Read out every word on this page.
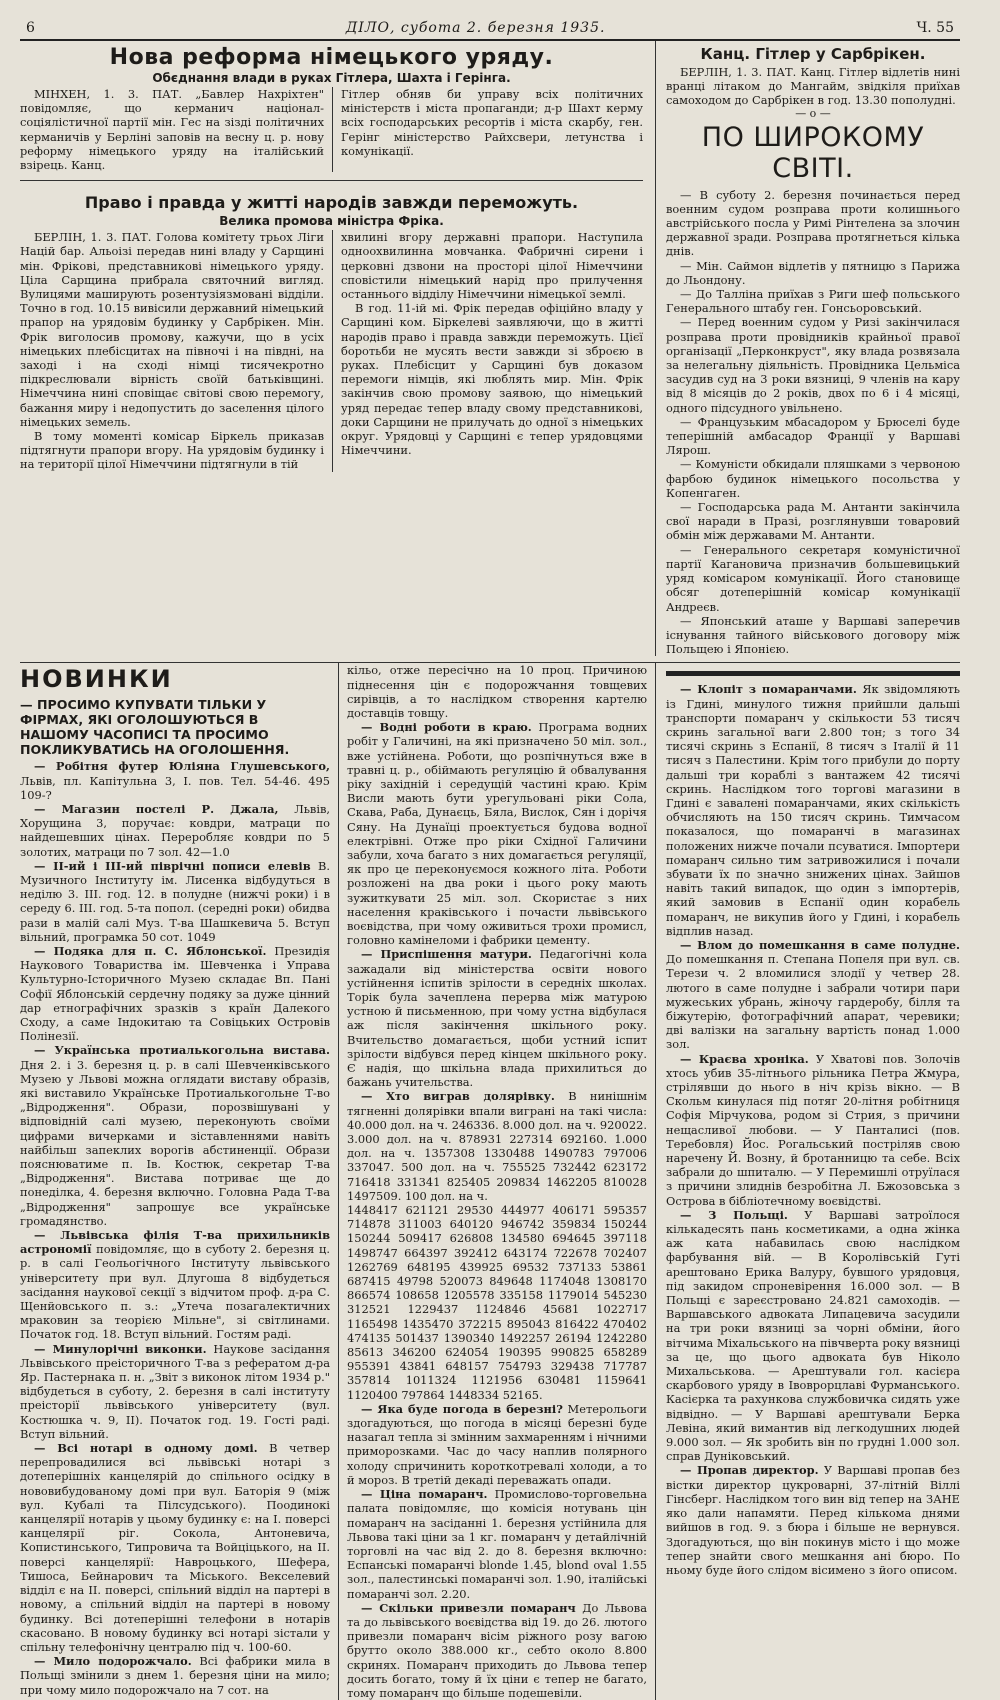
6	ДІЛО, субота 2. березня 1935.	Ч. 55
Нова реформа німецького уряду.
Обєднання влади в руках Гітлера, Шахта і Герінга.

МІНХЕН, 1. 3. ПАТ. „Бавлер Нахріхтен" повідомляє, що керманич націонал-соціялістичної партії мін. Гес на зізді політичних керманичів у Берліні заповів на весну ц. р. нову реформу німецького уряду на італійський взірець. Канц.

Гітлер обняв би управу всіх політичних міністерств і міста пропаганди; д-р Шахт керму всіх господарських ресортів і міста скарбу, ген. Герінг міністерство Райхсвери, летунства і комунікації.

Право і правда у житті народів завжди переможуть.
Велика промова міністра Фріка.

БЕРЛІН, 1. 3. ПАТ. Голова комітету трьох Ліги Націй бар. Альоізі передав нині владу у Сарщині мін. Фрікові, представникові німецького уряду. Ціла Сарщина прибрала святочний вигляд. Вулицями маширують розентузіязмовані відділи. Точно в год. 10.15 вивісили державний німецький прапор на урядовім будинку у Сарбрікен. Мін. Фрік виголосив промову, кажучи, що в усіх німецьких плебісцитах на півночі і на півдні, на заході і на сході німці тисячекротно підкреслювали вірність своїй батьківщині. Німеччина нині сповіщає світові свою перемогу, бажання миру і недопустить до заселення цілого німецьких земель.

В тому моменті комісар Біркель приказав підтягнути прапори вгору. На урядовім будинку і на території цілої Німеччини підтягнули в тій

хвилині вгору державні прапори. Наступила одноохвилинна мовчанка. Фабричні сирени і церковні дзвони на просторі цілої Німеччини сповістили німецький нарід про прилучення останнього відділу Німеччини німецької землі.

В год. 11-ій мі. Фрік передав офіційно владу у Сарщині ком. Біркелеві заявляючи, що в житті народів право і правда завжди переможуть. Цієї боротьби не мусять вести завжди зі зброєю в руках. Плебісцит у Сарщині був доказом перемоги німців, які люблять мир. Мін. Фрік закінчив свою промову заявою, що німецький уряд передає тепер владу свому представникові, доки Сарщини не прилучать до одної з німецьких округ. Урядовці у Сарщині є тепер урядовцями Німеччини.

Канц. Гітлер у Сарбрікен.

БЕРЛІН, 1. 3. ПАТ. Канц. Гітлер відлетів нині вранці літаком до Мангайм, звідкіля приїхав самоходом до Сарбрікен в год. 13.30 пополудні.

— o —

ПО ШИРОКОМУ СВІТІ.

— В суботу 2. березня починається перед военним судом розправа проти колишнього австрійського посла у Римі Рінтелена за злочин державної зради. Розправа протягнеться кілька днів.

— Мін. Саймон відлетів у пятницю з Парижа до Льондону.

— До Талліна приїхав з Риги шеф польського Генерального штабу ген. Гонсьоровський.

— Перед военним судом у Ризі закінчилася розправа проти провідників крайньої правої організації „Перконкруст", яку влада розвязала за нелегальну діяльність. Провідника Цельміса засудив суд на 3 роки вязниці, 9 членів на кару від 8 місяців до 2 років, двох по 6 і 4 місяці, одного підсудного увільнено.

— Французьким мбасадором у Брюселі буде теперішній амбасадор Франції у Варшаві Лярош.

— Комуністи обкидали пляшками з червоною фарбою будинок німецького посольства у Копенгаген.

— Господарська рада М. Антанти закінчила свої наради в Празі, розглянувши товаровий обмін між державами М. Антанти.

— Генерального секретаря комуністичної партії Кагановича призначив большевицький уряд комісаром комунікації. Його становище обсяг дотеперішній комісар комунікації Андреєв.

— Японський аташе у Варшаві заперечив існування тайного військового договору між Польщею і Японією.

НОВИНКИ
— ПРОСИМО КУПУВАТИ ТІЛЬКИ У ФІРМАХ, ЯКІ ОГОЛОШУЮТЬСЯ В НАШОМУ ЧАСОПИСІ ТА ПРОСИМО ПОКЛИКУВАТИСЬ НА ОГОЛОШЕННЯ.

— Робітня футер Юліяна Глушевського, Львів, пл. Капітульна 3, І. пов. Тел. 54-46. 495 109-?

— Магазин постелі Р. Джала, Львів, Хорущина 3, поручає: ковдри, матраци по найдешевших цінах. Переробляє ковдри по 5 золотих, матраци по 7 зол. 42—1.0

— ІІ-ий і ІІІ-ий піврічні пописи елевів В. Музичного Інституту ім. Лисенка відбудуться в неділю 3. ІІІ. год. 12. в полудне (нижчі роки) і в середу 6. ІІІ. год. 5-та попол. (середні роки) обидва рази в малій салі Муз. Т-ва Шашкевича 5. Вступ вільний, програмка 50 сот. 1049

— Подяка для п. С. Яблонської. Президія Наукового Товариства ім. Шевченка і Управа Культурно-Історичного Музею складає Вп. Пані Софії Яблонській сердечну подяку за дуже цінний дар етнографічних зразків з країн Далекого Сходу, а саме Індокитаю та Совіцьких Островів Полінезії.

— Українська протиалькогольна вистава. Дня 2. і 3. березня ц. р. в салі Шевченківського Музею у Львові можна оглядати виставу образів, які виставило Українське Протиалькогольне Т-во „Відродження". Образи, порозвішувані у відповідній салі музею, переконують своїми цифрами вичерками и зіставленнями навіть найбільш запеклих ворогів абстиненції. Образи пояснюватиме п. Ів. Костюк, секретар Т-ва „Відродження". Вистава потриває ще до понеділка, 4. березня включно. Головна Рада Т-ва „Відродження" запрошує все українське громадянство.

— Львівська філія Т-ва прихильників астрономії повідомляє, що в суботу 2. березня ц. р. в салі Геольогічного Інституту львівського університету при вул. Длугоша 8 відбудеться засідання наукової секції з відчитом проф. д-ра С. Щенйовського п. з.: „Утеча позагалектичних мраковин за теорією Мільне", зі світлинами. Початок год. 18. Вступ вільний. Гостям раді.

— Минулорічні виконки. Наукове засідання Львівського преісторичного Т-ва з рефератом д-ра Яр. Пастернака п. н. „Звіт з виконок літом 1934 р." відбудеться в суботу, 2. березня в салі інституту преісторії львівського університету (вул. Костюшка ч. 9, ІІ). Початок год. 19. Гості раді. Вступ вільний.

— Всі нотарі в одному домі. В четвер перепровадилися всі львівські нотарі з дотеперішніх канцелярій до спільного осідку в нововибудованому домі при вул. Баторія 9 (між вул. Кубалі та Пілсудського). Поодинокі канцелярії нотарів у цьому будинку є: на І. поверсі канцелярії ріг. Сокола, Антоневича, Копистинського, Типровича та Войціцького, на ІІ. поверсі канцелярії: Навроцького, Шефера, Тишоса, Бейнарович та Міського. Векселевий відділ є на ІІ. поверсі, спільний відділ на партері в новому, а спільний відділ на партері в новому будинку. Всі дотеперішні телефони в нотарів скасовано. В новому будинку всі нотарі зістали у спільну телефонічну централю під ч. 100-60.

— Мило подорожчало. Всі фабрики мила в Польщі змінили з днем 1. березня ціни на мило; при чому мило подорожчало на 7 сот. на

кільо, отже пересічно на 10 проц. Причиною піднесення цін є подорожчання товщевих сирівців, а то наслідком створення картелю доставців товщу.

— Водні роботи в краю. Програма водних робіт у Галичині, на які призначено 50 міл. зол., вже устійнена. Роботи, що розпічнуться вже в травні ц. р., обіймають регуляцію й обвалування ріку західній і середущій частині краю. Крім Висли мають бути урегульовані ріки Сола, Скава, Раба, Дунаєць, Бяла, Вислок, Сян і дорічя Сяну. На Дунаїці проектується будова водної електрівні. Отже про ріки Східної Галичини забули, хоча багато з них домагається регуляції, як про це переконуємося кожного літа. Роботи розложені на два роки і цього року мають зужиткувати 25 міл. зол. Скористає з них населення краківського і почасти львівського воєвідства, при чому оживиться трохи промисл, головно камінеломи і фабрики цементу.

— Приспішення матури. Педагогічні кола зажадали від міністерства освіти нового устійнення іспитів зрілости в середніх школах. Торік була зачеплена перерва між матурою устною й письменною, при чому устна відбулася аж після закінчення шкільного року. Вчительство домагається, щоби устний іспит зрілости відбувся перед кінцем шкільного року. Є надія, що шкільна влада прихилиться до бажань учительства.

— Хто виграв долярівку. В нинішнім тягненні долярівки впали виграні на такі числа: 40.000 дол. на ч. 246336. 8.000 дол. на ч. 920022. 3.000 дол. на ч. 878931 227314 692160. 1.000 дол. на ч. 1357308 1330488 1490783 797006 337047. 500 дол. на ч. 755525 732442 623172 716418 331341 825405 209834 1462205 810028 1497509. 100 дол. на ч.

1448417 621121 29530 444977 406171 595357 714878 311003 640120 946742 359834 150244 150244 509417 626808 134580 694645 397118 1498747 664397 392412 643174 722678 702407 1262769 648195 439925 69532 737133 53861 687415 49798 520073 849648 1174048 1308170 866574 108658 1205578 335158 1179014 545230 312521 1229437 1124846 45681 1022717 1165498 1435470 372215 895043 816422 470402 474135 501437 1390340 1492257 26194 1242280 85613 346200 624054 190395 990825 658289 955391 43841 648157 754793 329438 717787 357814 1011324 1121956 630481 1159641 1120400 797864 1448334 52165.

— Яка буде погода в березні? Метерольоги здогадуються, що погода в місяці березні буде назагал тепла зі змінним захмаренням і нічними приморозками. Час до часу наплив полярного холоду спричинить короткотревалі холоди, а то й мороз. В третій декаді переважать опади.

— Ціна помаранч. Промислово-торговельна палата повідомляє, що комісія нотувань цін помаранч на засіданні 1. березня устійнила для Львова такі ціни за 1 кг. помаранч у детайлічній торговлі на час від 2. до 8. березня включно: Еспанські помаранчі blonde 1.45, blond oval 1.55 зол., палестинські помаранчі зол. 1.90, італійські помаранчі зол. 2.20.

— Скільки привезли помаранч До Львова та до львівського воєвідства від 19. до 26. лютого привезли помаранч вісім ріжного розу вагою брутто около 388.000 кг., себто около 8.800 скринях. Помаранч приходить до Львова тепер досить богато, тому й їх ціни є тепер не багато, тому помаранч що більше подешевіли.

— Клопіт з помаранчами. Як звідомляють із Гдині, минулого тижня прийшли дальші транспорти помаранч у скількости 53 тисяч скринь загальної ваги 2.800 тон; з того 34 тисячі скринь з Еспанії, 8 тисяч з Італії й 11 тисяч з Палестини. Крім того прибули до порту дальші три кораблі з вантажем 42 тисячі скринь. Наслідком того торгові магазини в Гдині є завалені помаранчами, яких скількість обчисляють на 150 тисяч скринь. Тимчасом показалося, що помаранчі в магазинах положених нижче почали псуватися. Імпортери помаранч сильно тим затривожилися і почали збувати їх по значно знижених цінах. Зайшов навіть такий випадок, що один з імпортерів, який замовив в Еспанії один корабель помаранч, не викупив його у Гдині, і корабель відплив назад.

— Влом до помешкання в саме полудне. До помешкання п. Степана Попеля при вул. св. Терези ч. 2 вломилися злодії у четвер 28. лютого в саме полудне і забрали чотири пари мужеських убрань, жіночу гардеробу, білля та біжутерію, фотографічний апарат, черевики; дві валізки на загальну вартість понад 1.000 зол.

— Краєва хроніка. У Хватові пов. Золочів хтось убив 35-літнього рільника Петра Жмура, стрілявши до нього в ніч крізь вікно. — В Скольм кинулася під потяг 20-літня робітниця Софія Мірчукова, родом зі Стрия, з причини нещасливої любови. — У Панталисі (пов. Теребовля) Йос. Рогальський постріляв свою наречену Й. Возну, й бротанницю та себе. Всіх забрали до шпиталю. — У Перемишлі отруїлася з причини злиднів безробітна Л. Бжозовська з Острова в бібліотечному воєвідстві.

— З Польщі. У Варшаві затроїлося кількадесять пань косметиками, а одна жінка аж ката набавилась свою наслідком фарбування вій. — В Королівській Гуті арештовано Ерика Валуру, бувшого урядовця, під закидом спроневірення 16.000 зол. — В Польщі є зареєстровано 24.821 самоходів. — Варшавського адвоката Липацевича засудили на три роки вязниці за чорні обміни, його вітчима Міхальського на півчверта року вязниці за це, що цього адвоката був Ніколо Михальськова. — Арештували гол. касієра скарбового уряду в Івоврорцлаві Фурманського. Касієрка та рахункова службовичка сидять уже відвідно. — У Варшаві арештували Берка Левіна, який вимантив від легкодушних людей 9.000 зол. — Як зробить він по грудні 1.000 зол. справ Дуніковський.

— Пропав директор. У Варшаві пропав без вістки директор цукроварні, 37-літній Віллі Гінсберг. Наслідком того вин від тепер на ЗАНЕ яко дали напамяти. Перед кількома днями вийшов в год. 9. з бюра і більше не вернувся. Здогадуються, що він покинув місто і що може тепер знайти свого мешкання ані бюро. По ньому буде його слідом вісимено з його описом.
